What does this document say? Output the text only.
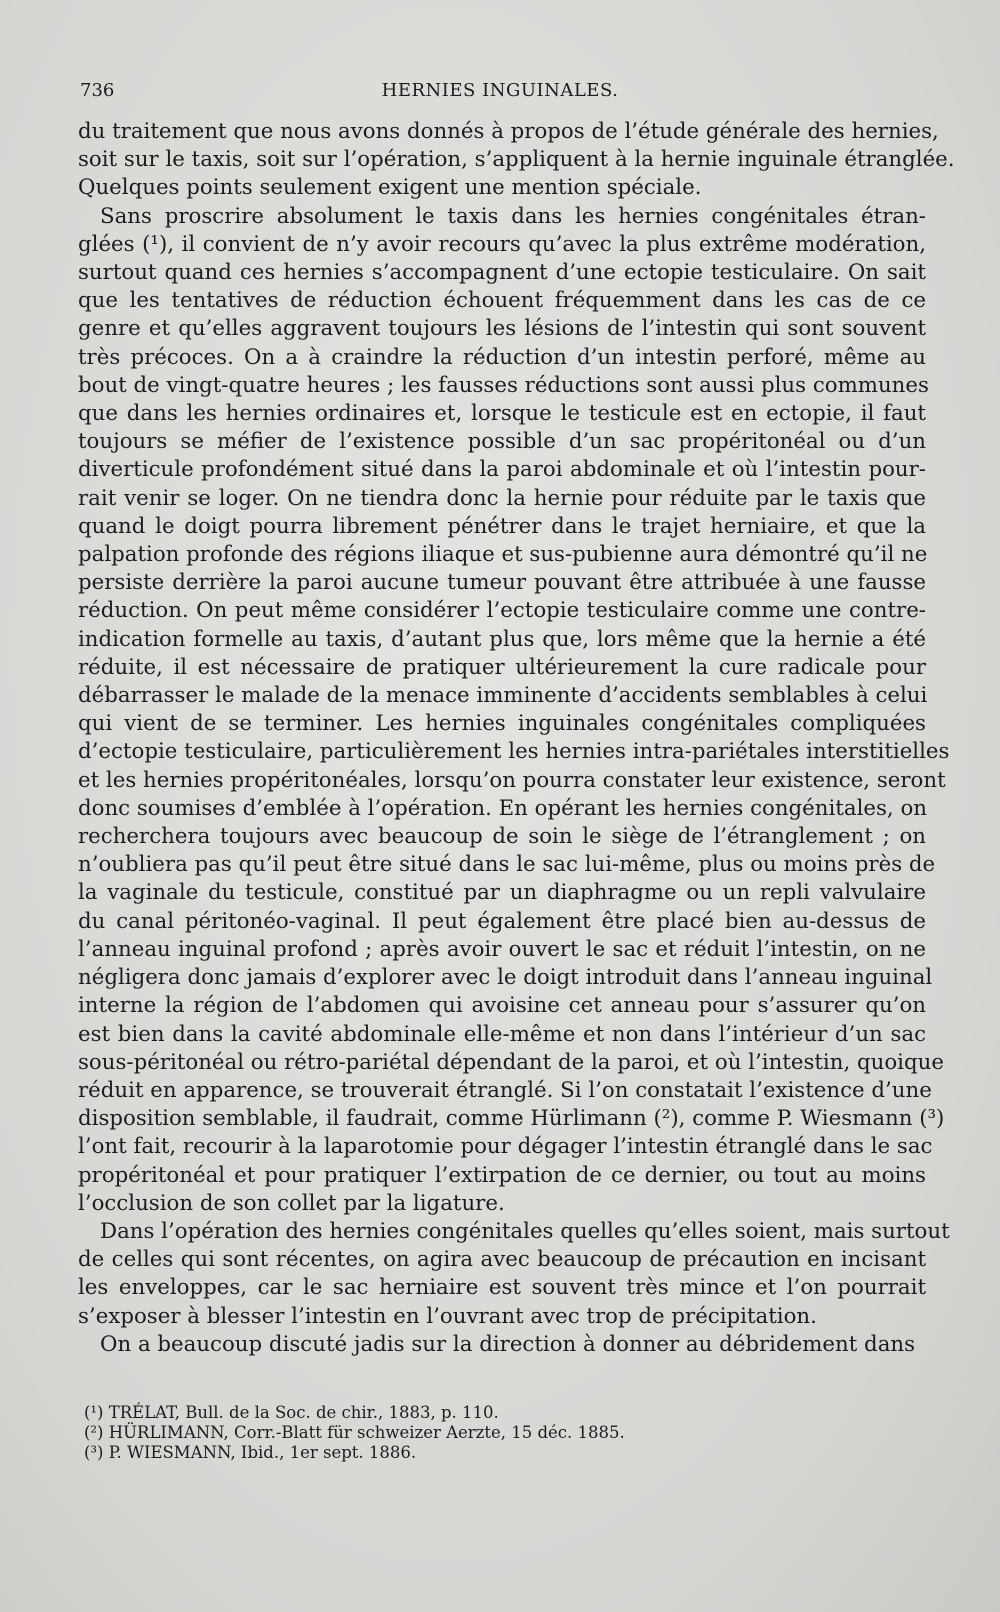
736	HERNIES INGUINALES.

du traitement que nous avons donnés à propos de l’étude générale des hernies,
soit sur le taxis, soit sur l’opération, s’appliquent à la hernie inguinale étranglée.
Quelques points seulement exigent une mention spéciale.

Sans proscrire absolument le taxis dans les hernies congénitales étran-
glées (¹), il convient de n’y avoir recours qu’avec la plus extrême modération,
surtout quand ces hernies s’accompagnent d’une ectopie testiculaire. On sait
que les tentatives de réduction échouent fréquemment dans les cas de ce
genre et qu’elles aggravent toujours les lésions de l’intestin qui sont souvent
très précoces. On a à craindre la réduction d’un intestin perforé, même au
bout de vingt-quatre heures ; les fausses réductions sont aussi plus communes
que dans les hernies ordinaires et, lorsque le testicule est en ectopie, il faut
toujours se méfier de l’existence possible d’un sac propéritonéal ou d’un
diverticule profondément situé dans la paroi abdominale et où l’intestin pour-
rait venir se loger. On ne tiendra donc la hernie pour réduite par le taxis que
quand le doigt pourra librement pénétrer dans le trajet herniaire, et que la
palpation profonde des régions iliaque et sus-pubienne aura démontré qu’il ne
persiste derrière la paroi aucune tumeur pouvant être attribuée à une fausse
réduction. On peut même considérer l’ectopie testiculaire comme une contre-
indication formelle au taxis, d’autant plus que, lors même que la hernie a été
réduite, il est nécessaire de pratiquer ultérieurement la cure radicale pour
débarrasser le malade de la menace imminente d’accidents semblables à celui
qui vient de se terminer. Les hernies inguinales congénitales compliquées
d’ectopie testiculaire, particulièrement les hernies intra-pariétales interstitielles
et les hernies propéritonéales, lorsqu’on pourra constater leur existence, seront
donc soumises d’emblée à l’opération. En opérant les hernies congénitales, on
recherchera toujours avec beaucoup de soin le siège de l’étranglement ; on
n’oubliera pas qu’il peut être situé dans le sac lui-même, plus ou moins près de
la vaginale du testicule, constitué par un diaphragme ou un repli valvulaire
du canal péritonéo-vaginal. Il peut également être placé bien au-dessus de
l’anneau inguinal profond ; après avoir ouvert le sac et réduit l’intestin, on ne
négligera donc jamais d’explorer avec le doigt introduit dans l’anneau inguinal
interne la région de l’abdomen qui avoisine cet anneau pour s’assurer qu’on
est bien dans la cavité abdominale elle-même et non dans l’intérieur d’un sac
sous-péritonéal ou rétro-pariétal dépendant de la paroi, et où l’intestin, quoique
réduit en apparence, se trouverait étranglé. Si l’on constatait l’existence d’une
disposition semblable, il faudrait, comme Hürlimann (²), comme P. Wiesmann (³)
l’ont fait, recourir à la laparotomie pour dégager l’intestin étranglé dans le sac
propéritonéal et pour pratiquer l’extirpation de ce dernier, ou tout au moins
l’occlusion de son collet par la ligature.

Dans l’opération des hernies congénitales quelles qu’elles soient, mais surtout
de celles qui sont récentes, on agira avec beaucoup de précaution en incisant
les enveloppes, car le sac herniaire est souvent très mince et l’on pourrait
s’exposer à blesser l’intestin en l’ouvrant avec trop de précipitation.

On a beaucoup discuté jadis sur la direction à donner au débridement dans

(¹) TRÉLAT, Bull. de la Soc. de chir., 1883, p. 110.
(²) HÜRLIMANN, Corr.-Blatt für schweizer Aerzte, 15 déc. 1885.
(³) P. WIESMANN, Ibid., 1er sept. 1886.
